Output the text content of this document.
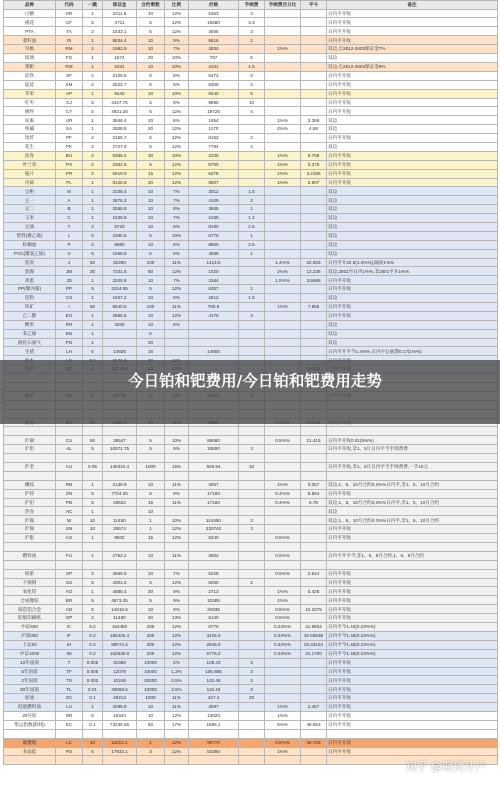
品种	代码	一跳	保证金	合约乘数	比例	价格	手续费	手续费百分比	平今	备注
白糖	SR	1	3211.8	10	12%	5353	3			日内平开收
棉花	CF	5	4711	5	12%	15680	4.3			日内平开收
PTA	TA	2	1633.1	5	12%	4055	3			日内平开收
菜籽油	OI	1	8834.4	10	9%	9816	2			日内平开收
早籼	RM	1	1982.9	10	7%	2834		1%%		双边,自2812-2603保证金7%
玻璃	FG	1	1574	20	10%	787	6			双边
菜粕	RM	1	2431	10	10%	2431	1.5			双边,自2812-2603保证金8%
硅铁	SF	2	2108.8	5	8%	5472	3			日内平开收
锰硅	SM	2	2522.7	5	8%	6306	3			日内平开收
苹果	AP	1	9440	10	10%	9440	5			日内平开收
红枣	CJ	5	4447.75	5	9%	9895	10			日内平开收
棉纱	CY	5	4931.25	5	12%	19725	4			日内平开收
尿素	UR	1	3546.4	20	8%	1654		1%%	3.386	双边
纯碱	SA	1	2508.8	20	12%	1170		2%%	4.68	双边
短纤	PF	2	2156.7	5	12%	6152	3			日内平开收
花生	PK	2	2727.9	5	12%	7794	4			双边
沥青	BU	2	5366.4	30	10%	2236		1%%	6.708	日内平开收
叶兰荣	PX	2	2362.5	5	12%	6750		1%%	3.375	日内平开收
瓶片	PR	2	5919.9	15	12%	5378		1%%	4.2285	日内平开收
丙烯	PL	1	8128.8	20	12%	5807		1%%	5.807	日内平开收
豆粕	M	1	2108.4	10	7%	3012	1.5			双边
豆一	A	1	2876.3	10	7%	4109	2			双边
豆二	B	1	2586.5	10	8%	3665	1			双边
玉米	C	1	1536.8	10	7%	2195	1.2			双边
豆油	Y	2	5733	10	8%	8190	2.5			双边
塑料(聚乙烯)	L	5	2360.5	5	10%	6770	1			双边
棕榈油	P	2	6860	10	8%	8950	2.5			双边
PVC(聚氯乙烯)	V	5	1558.6	5	8%	4685	1			双边
焦炭	J	50	32290	100	11%	1414.5		1.4%%	22.603	日内平开22.6(1.4%%),隔夜1%%
焦煤	JM	30	7341.6	60	12%	1020		2%%	13.236	双边,2801至日内1%%,非2801平开1%%
鸡蛋	JD	1	2228.8	10	7%	3184		1.5%%	3.5665	日内平开收
PP(聚丙烯)	PP	5	2224.95	5	12%	6357	1			日内平开收
淀粉	CS	1	1507.2	10	8%	2512	1.5			双边
铁矿	I	50	9640.5	100	11%	785.5		1%%	7.855	日内平开收
乙二醇	EG	1	2665.6	10	12%	4170	3			日内平开收
粳米	RR	1	3200	10	8%					双边
苯乙烯	EB	1		5						双边
液化石油气	PG	1		20						双边
生猪	LH	5	14925	16		14905				日内平开平今1.4%%,日内平仓展期0.17(1%%)

沪铜	CU	50	39547	5	10%	85660		0.5%%	21.415	日内平开收0.01(5%%)
沪铝	AL	5	10071.75	5	9%	19890	3			日内平开收,非1、5月日内平今手续费费

沪金	AU	0.05	148310.4	1000	15%	926.94	10			日内平开收,非1、5月日内平今手续费费,一手10元

螺纹	RB	1	2139.9	10	11%	3057		1%%	3.057	双边,1、5、10月合约0.2%%日内平,非1、5、10月合约
沪锌	ZN	5	7724.25	5	9%	17160		0.4%%	6.864	日内平开收
沪铅	PB	5	28632	15	11%	17160		0.4%%	8.76	双边,1、5、10月合约0.3%%日内平,非1、5、10月合约
热卷	HC	1		10						双边
沪镍	NI	10	11450	1	10%	114450	3			双边,1、5、10月合约0.3%%日内平,非1、5、10月合约
沪锡	SN	10	29574	1	12%	230740	3			日内平开收
沪银	AG	1	9602	15	12%	5340		0.5%%		日内平开收

燃料油	FU	1	2752.2	10	11%	2502		0.5%%		日内平开平今,非1、5、9月合约,1、5、9月合约

纸浆	SP	2	3659.6	10	7%	5228		0.5%%	2.614	日内平开收
不锈钢	SS	5	4301.5	5	12%	6250	2			日内平开收
氧化铝	AO	1	4885.4	20	9%	2713		1%%	5.426	日内平开收
合成橡胶	BR	5	4673.25	5	9%	10385		1%%		日内平开收
铸造铝合金	AD	5	14416.5	10	9%	20835		0.5%%	10.2375	日内平开收
胶版印刷纸	OP	2	11480	40	13%	6140		0.5%%		日内平开收
中证500	IC	0.2	162480	200	12%	6770		0.23%%	21.8934	日内平今1.43(0.23%%)
沪深300	IF	0.2	155425.4	300	12%	4425.6		0.23%%	30.55536	日内平今1.45(0.23%%)
上证50	IH	0.2	99074.4	300	12%	2946.6		0.23%%	20.33154	日内平今1.45(0.23%%)
中证1000	IM	0.2	162636.8	200	12%	6776.2		0.23%%	31.1700	日内平今1.45(0.23%%)
10年国债	T	0.005	31686	10000	2%	108.43	3			日内平开收
5年国债	TF	0.005	12078	10000	1.2%	105.885	3			日内平开收
2年国债	TS	0.002	10246	20000	0.5%	102.46	3			日内平开收
30年国债	TL	0.01	40668.5	10000	3.5%	116.19	3			日内平开收
原油	SC	0.1	49214	1000	11%	447.4	20			日内平开收
低硫燃料油	LU	1	3395.8	10	11%	3087		1%%	2.457	日内平开收
20号胶	NR	5	16344	10	12%	13620		1%%		日内平开收
集运指数(欧线)	EC	0.1	73235.55	50	17%	1555.1		6%%	46.653	日内平开收

碳酸锂	LC	20	11612.2	1	12%	96770		0.8%%	38.708	日内平开收
多晶硅	PS	5	17933.1	3	12%	53380		1%%		日内平开收

今日铂和钯费用/今日铂和钯费用走势
知乎 @期货开户
